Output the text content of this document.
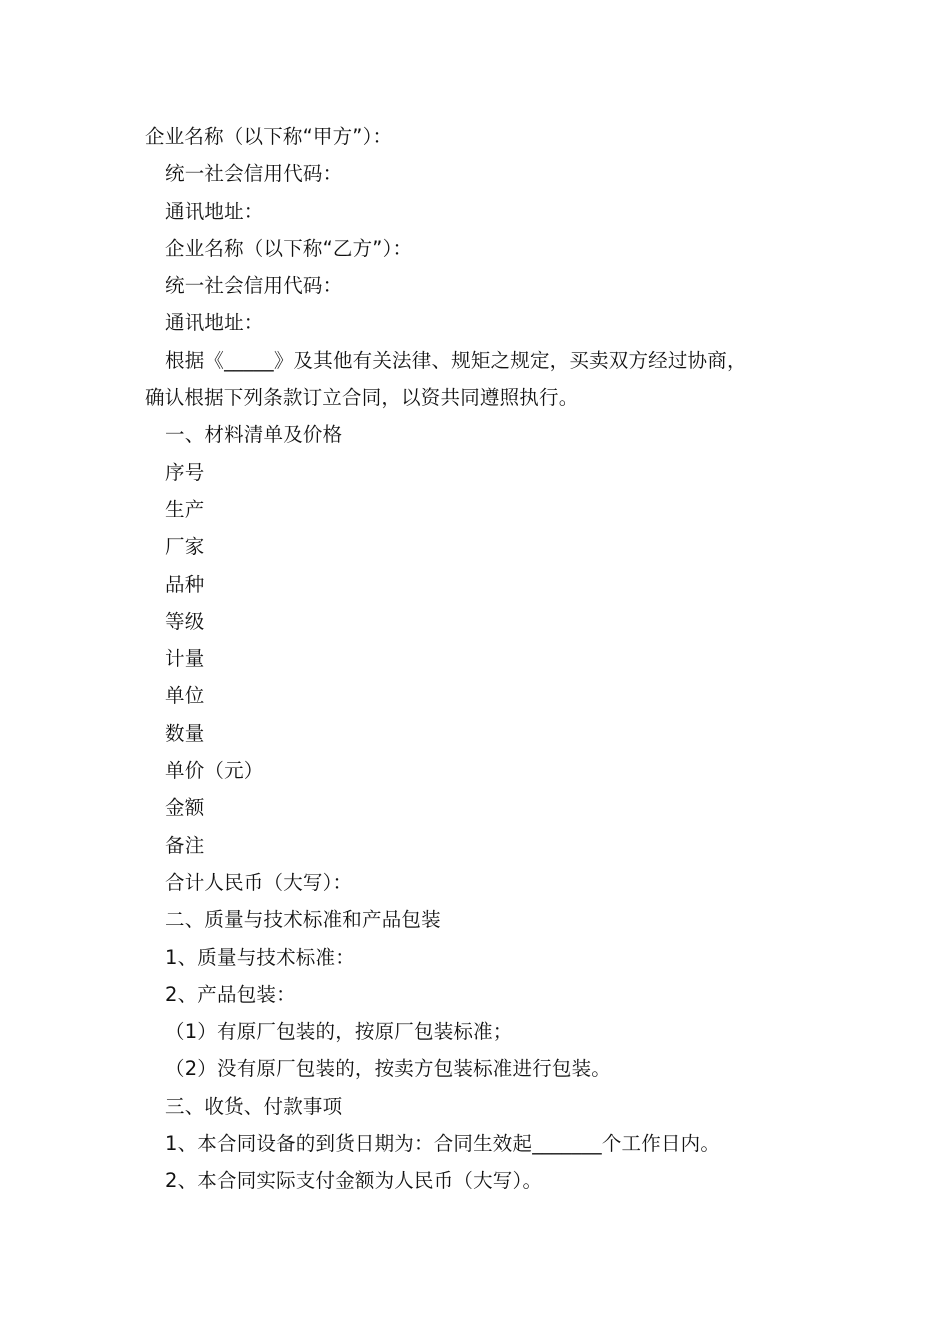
企业名称（以下称“甲方”）：
统一社会信用代码：
通讯地址：
企业名称（以下称“乙方”）：
统一社会信用代码：
通讯地址：
根据《_____》及其他有关法律、规矩之规定，买卖双方经过协商，
确认根据下列条款订立合同，以资共同遵照执行。
一、材料清单及价格
序号
生产
厂家
品种
等级
计量
单位
数量
单价（元）
金额
备注
合计人民币（大写）：
二、质量与技术标准和产品包装
1、质量与技术标准：
2、产品包装：
（1）有原厂包装的，按原厂包装标准；
（2）没有原厂包装的，按卖方包装标准进行包装。
三、收货、付款事项
1、本合同设备的到货日期为：合同生效起_______个工作日内。
2、本合同实际支付金额为人民币（大写）。
